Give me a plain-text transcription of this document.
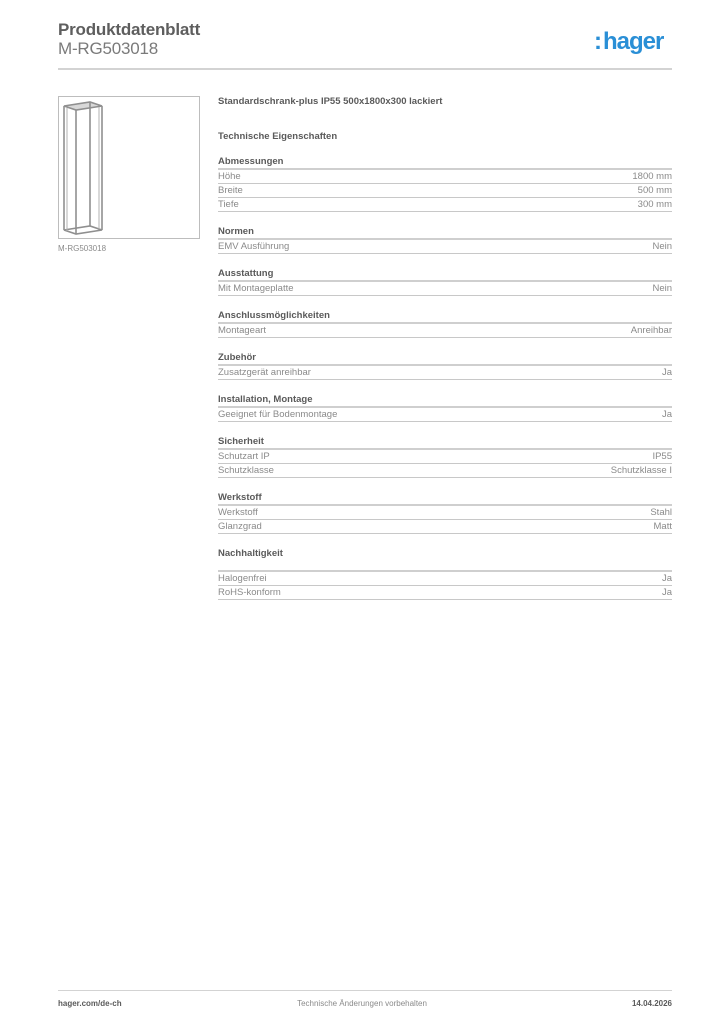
Produktdatenblatt
M-RG503018	:hager
M-RG503018
Standardschrank-plus IP55 500x1800x300 lackiert
Technische Eigenschaften
Abmessungen
Höhe	1800 mm
Breite	500 mm
Tiefe	300 mm
Normen
EMV Ausführung	Nein
Ausstattung
Mit Montageplatte	Nein
Anschlussmöglichkeiten
Montageart	Anreihbar
Zubehör
Zusatzgerät anreihbar	Ja
Installation, Montage
Geeignet für Bodenmontage	Ja
Sicherheit
Schutzart IP	IP55
Schutzklasse	Schutzklasse I
Werkstoff
Werkstoff	Stahl
Glanzgrad	Matt
Nachhaltigkeit
Halogenfrei	Ja
RoHS-konform	Ja
hager.com/de-ch	Technische Änderungen vorbehalten	14.04.2026
